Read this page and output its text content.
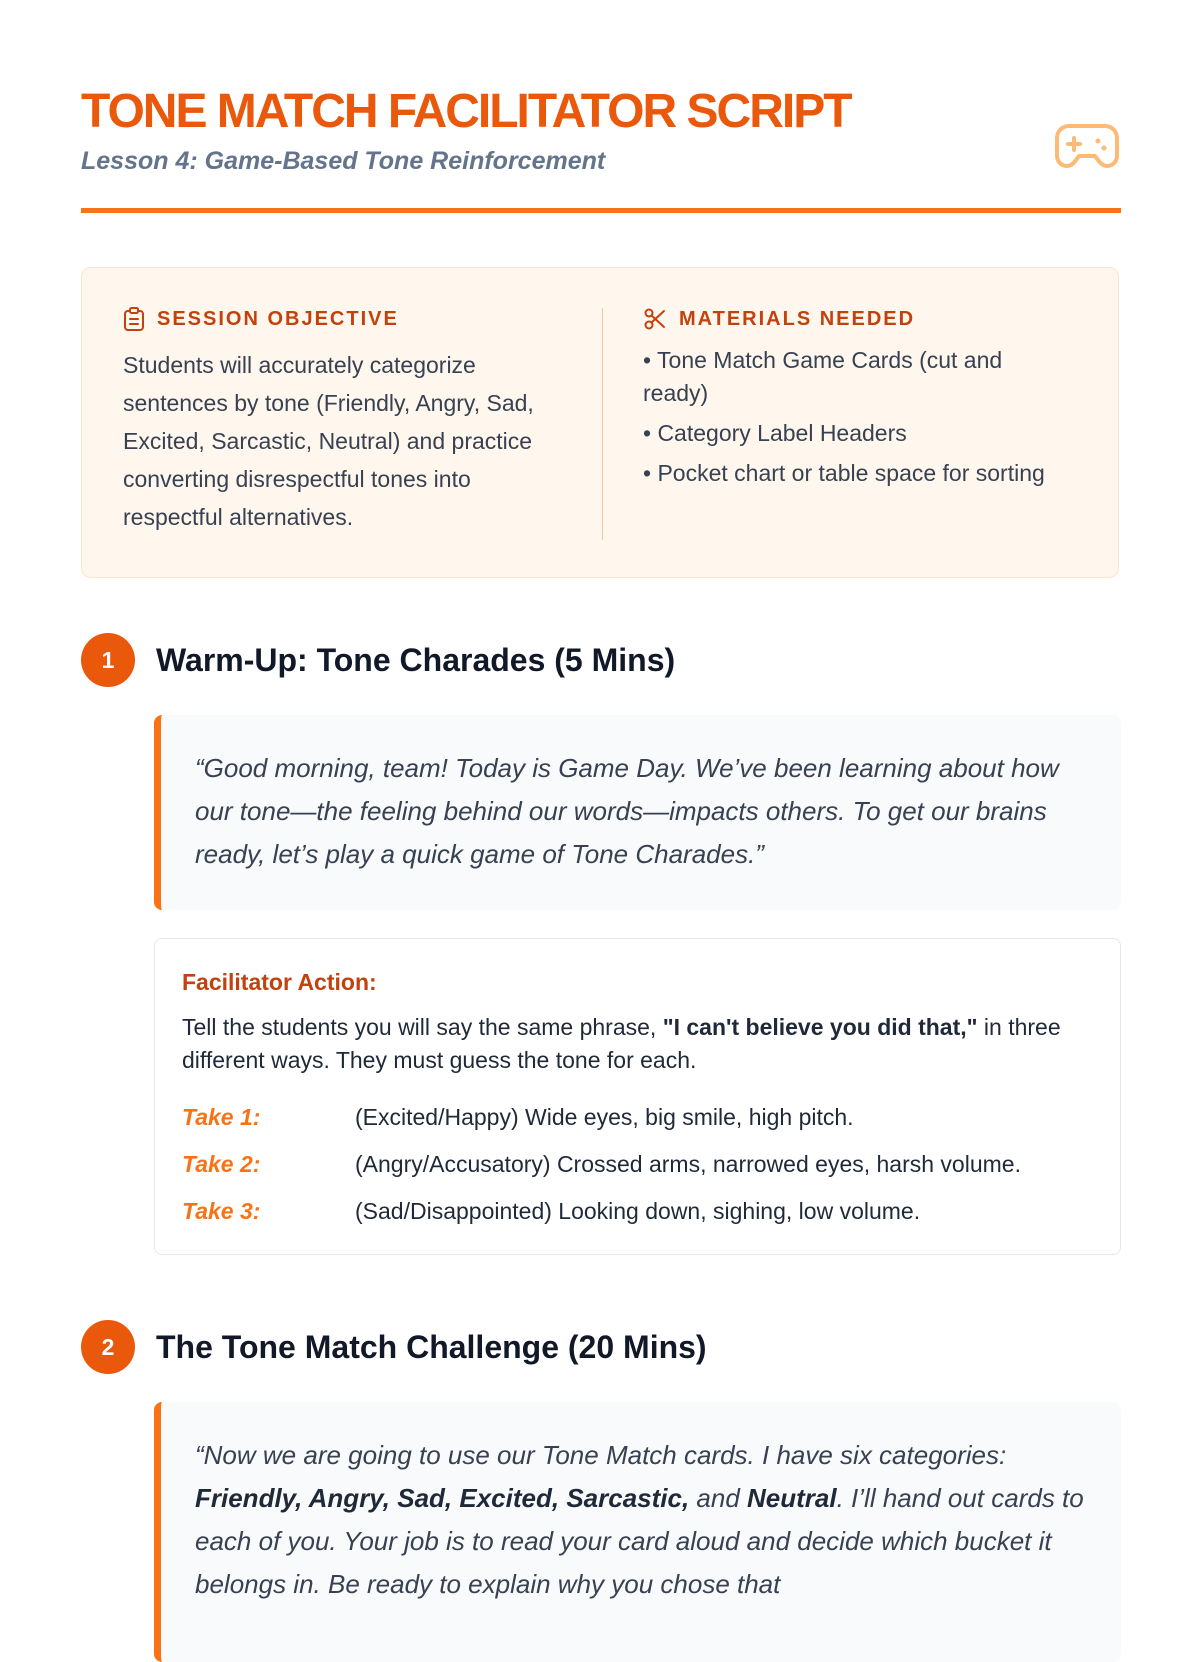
TONE MATCH FACILITATOR SCRIPT
Lesson 4: Game-Based Tone Reinforcement
SESSION OBJECTIVE
Students will accurately categorize sentences by tone (Friendly, Angry, Sad, Excited, Sarcastic, Neutral) and practice converting disrespectful tones into respectful alternatives.
MATERIALS NEEDED
• Tone Match Game Cards (cut and ready)
• Category Label Headers
• Pocket chart or table space for sorting
1	Warm-Up: Tone Charades (5 Mins)
“Good morning, team! Today is Game Day. We’ve been learning about how our tone—the feeling behind our words—impacts others. To get our brains ready, let’s play a quick game of Tone Charades.”
Facilitator Action:
Tell the students you will say the same phrase, "I can't believe you did that," in three different ways. They must guess the tone for each.
Take 1:	(Excited/Happy) Wide eyes, big smile, high pitch.
Take 2:	(Angry/Accusatory) Crossed arms, narrowed eyes, harsh volume.
Take 3:	(Sad/Disappointed) Looking down, sighing, low volume.
2	The Tone Match Challenge (20 Mins)
“Now we are going to use our Tone Match cards. I have six categories: Friendly, Angry, Sad, Excited, Sarcastic, and Neutral. I’ll hand out cards to each of you. Your job is to read your card aloud and decide which bucket it belongs in. Be ready to explain why you chose that
